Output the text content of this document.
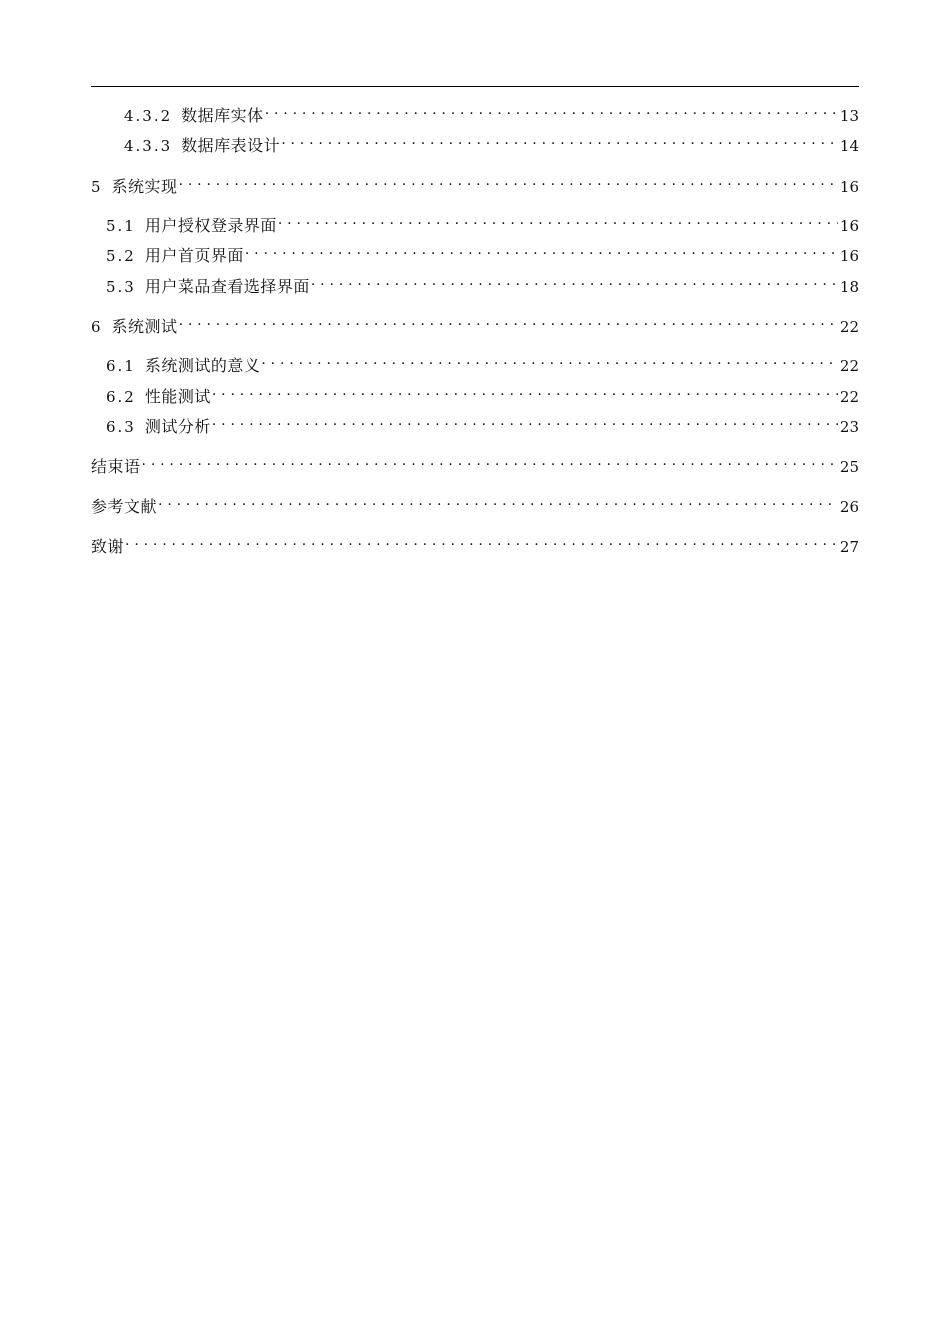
4.3.2 数据库实体 . . .	13
4.3.3 数据库表设计 . . .	14
5 系统实现 . . .	16
5.1 用户授权登录界面 . . .	16
5.2 用户首页界面 . . .	16
5.3 用户菜品查看选择界面 . . .	18
6 系统测试 . . .	22
6.1 系统测试的意义 . . .	22
6.2 性能测试 . . .	22
6.3 测试分析 . . .	23
结束语 . . .	25
参考文献 . . .	26
致谢 . . .	27
